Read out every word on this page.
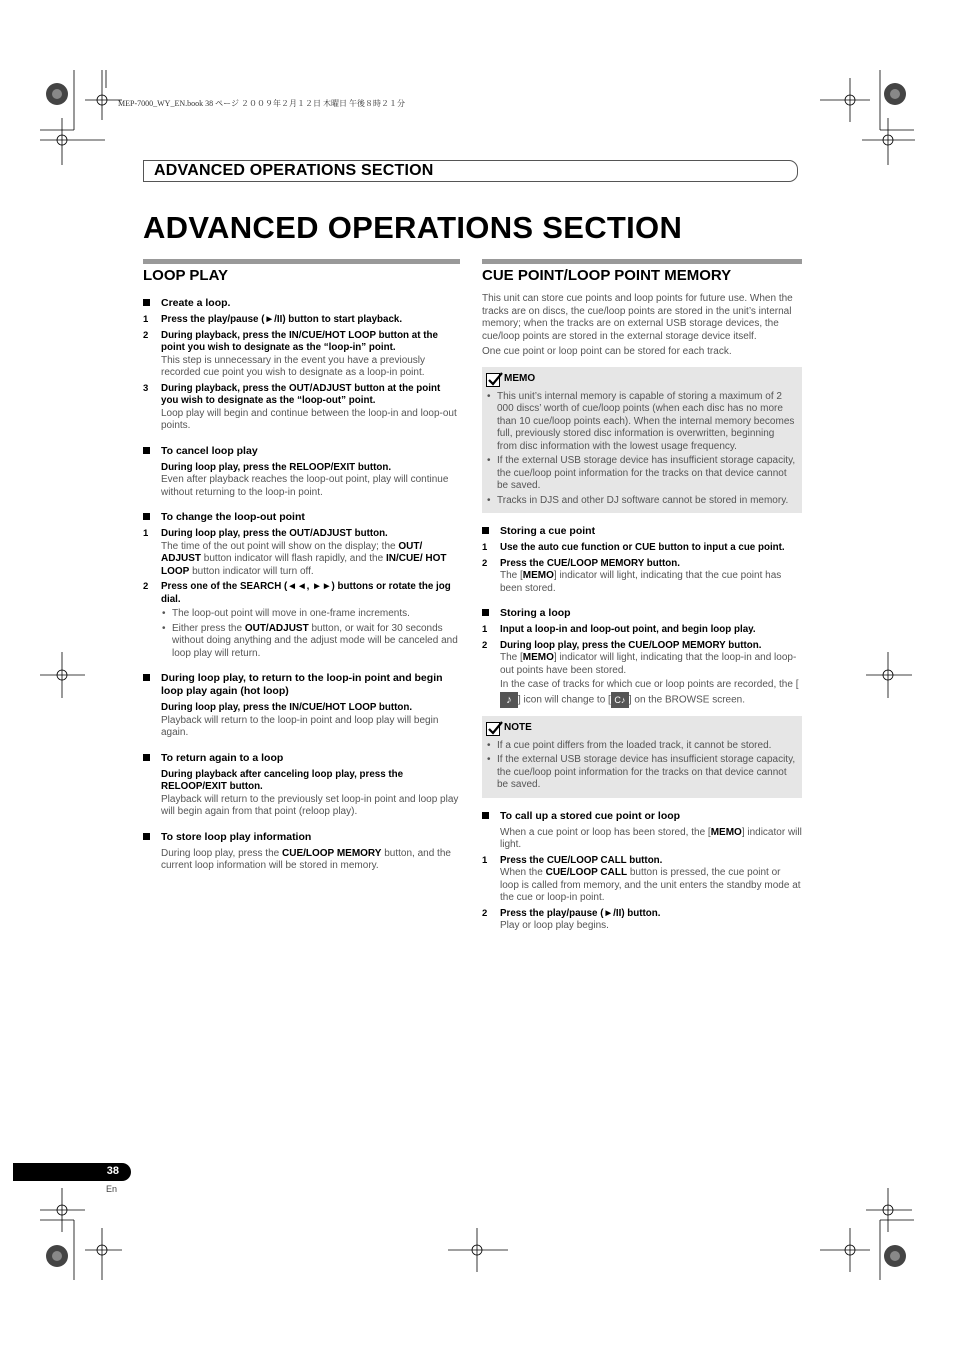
MEP-7000_WY_EN.book 38 ページ ２００９年２月１２日 木曜日 午後８時２１分
ADVANCED OPERATIONS SECTION
ADVANCED OPERATIONS SECTION
LOOP PLAY
Create a loop.
1 Press the play/pause (►/II) button to start playback.
2 During playback, press the IN/CUE/HOT LOOP button at the point you wish to designate as the “loop-in” point.
This step is unnecessary in the event you have a previously recorded cue point you wish to designate as a loop-in point.
3 During playback, press the OUT/ADJUST button at the point you wish to designate as the “loop-out” point.
Loop play will begin and continue between the loop-in and loop-out points.
To cancel loop play
During loop play, press the RELOOP/EXIT button.
Even after playback reaches the loop-out point, play will continue without returning to the loop-in point.
To change the loop-out point
1 During loop play, press the OUT/ADJUST button.
The time of the out point will show on the display; the OUT/ ADJUST button indicator will flash rapidly, and the IN/CUE/ HOT LOOP button indicator will turn off.
2 Press one of the SEARCH (◄◄, ►►) buttons or rotate the jog dial.
• The loop-out point will move in one-frame increments.
• Either press the OUT/ADJUST button, or wait for 30 seconds without doing anything and the adjust mode will be canceled and loop play will return.
During loop play, to return to the loop-in point and begin loop play again (hot loop)
During loop play, press the IN/CUE/HOT LOOP button.
Playback will return to the loop-in point and loop play will begin again.
To return again to a loop
During playback after canceling loop play, press the RELOOP/EXIT button.
Playback will return to the previously set loop-in point and loop play will begin again from that point (reloop play).
To store loop play information
During loop play, press the CUE/LOOP MEMORY button, and the current loop information will be stored in memory.
CUE POINT/LOOP POINT MEMORY
This unit can store cue points and loop points for future use. When the tracks are on discs, the cue/loop points are stored in the unit’s internal memory; when the tracks are on external USB storage devices, the cue/loop points are stored in the external storage device itself.
One cue point or loop point can be stored for each track.
MEMO
• This unit’s internal memory is capable of storing a maximum of 2 000 discs’ worth of cue/loop points (when each disc has no more than 10 cue/loop points each). When the internal memory becomes full, previously stored disc information is overwritten, beginning from disc information with the lowest usage frequency.
• If the external USB storage device has insufficient storage capacity, the cue/loop point information for the tracks on that device cannot be saved.
• Tracks in DJS and other DJ software cannot be stored in memory.
Storing a cue point
1 Use the auto cue function or CUE button to input a cue point.
2 Press the CUE/LOOP MEMORY button.
The [MEMO] indicator will light, indicating that the cue point has been stored.
Storing a loop
1 Input a loop-in and loop-out point, and begin loop play.
2 During loop play, press the CUE/LOOP MEMORY button.
The [MEMO] indicator will light, indicating that the loop-in and loop-out points have been stored.
In the case of tracks for which cue or loop points are recorded, the [♪ ] icon will change to [ C♪ ] on the BROWSE screen.
NOTE
• If a cue point differs from the loaded track, it cannot be stored.
• If the external USB storage device has insufficient storage capacity, the cue/loop point information for the tracks on that device cannot be saved.
To call up a stored cue point or loop
When a cue point or loop has been stored, the [MEMO] indicator will light.
1 Press the CUE/LOOP CALL button.
When the CUE/LOOP CALL button is pressed, the cue point or loop is called from memory, and the unit enters the standby mode at the cue or loop-in point.
2 Press the play/pause (►/II) button.
Play or loop play begins.
38
En
